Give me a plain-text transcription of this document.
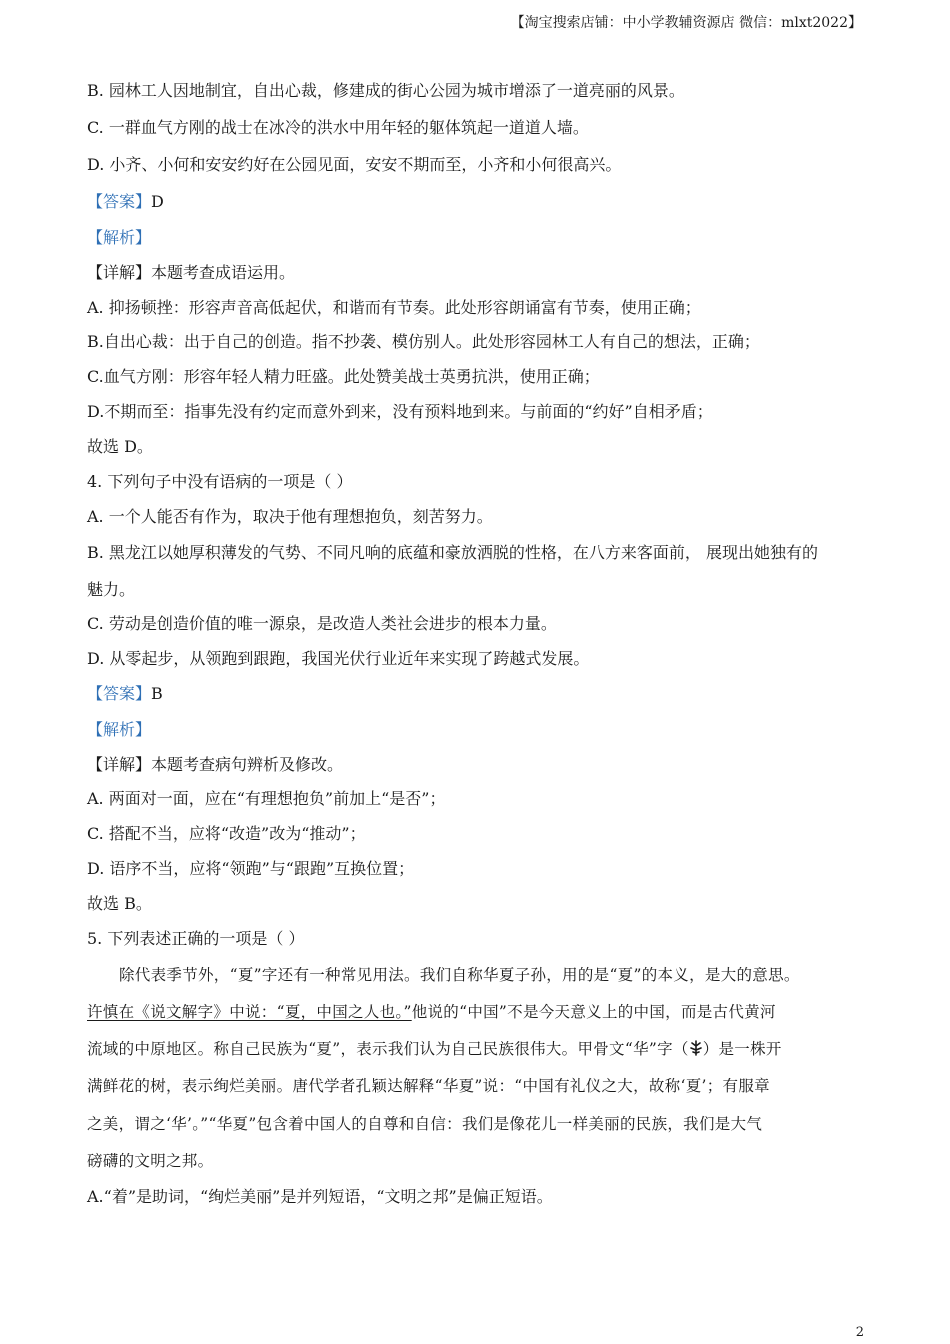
【淘宝搜索店铺：中小学教辅资源店 微信：mlxt2022】
B. 园林工人因地制宜，自出心裁，修建成的街心公园为城市增添了一道亮丽的风景。
C. 一群血气方刚的战士在冰冷的洪水中用年轻的躯体筑起一道道人墙。
D. 小齐、小何和安安约好在公园见面，安安不期而至，小齐和小何很高兴。
【答案】D
【解析】
【详解】本题考查成语运用。
A. 抑扬顿挫：形容声音高低起伏，和谐而有节奏。此处形容朗诵富有节奏，使用正确；
B.自出心裁：出于自己的创造。指不抄袭、模仿别人。此处形容园林工人有自己的想法，正确；
C.血气方刚：形容年轻人精力旺盛。此处赞美战士英勇抗洪，使用正确；
D.不期而至：指事先没有约定而意外到来，没有预料地到来。与前面的“约好”自相矛盾；
故选 D。
4. 下列句子中没有语病的一项是（ ）
A. 一个人能否有作为，取决于他有理想抱负，刻苦努力。
B. 黑龙江以她厚积薄发的气势、不同凡响的底蕴和豪放洒脱的性格，在八方来客面前， 展现出她独有的
魅力。
C. 劳动是创造价值的唯一源泉，是改造人类社会进步的根本力量。
D. 从零起步，从领跑到跟跑，我国光伏行业近年来实现了跨越式发展。
【答案】B
【解析】
【详解】本题考查病句辨析及修改。
A. 两面对一面，应在“有理想抱负”前加上“是否”；
C. 搭配不当，应将“改造”改为“推动”；
D. 语序不当，应将“领跑”与“跟跑”互换位置；
故选 B。
5. 下列表述正确的一项是（ ）
除代表季节外，“夏”字还有一种常见用法。我们自称华夏子孙，用的是“夏”的本义，是大的意思。
许慎在《说文解字》中说：“夏，中国之人也。”他说的“中国”不是今天意义上的中国，而是古代黄河
流域的中原地区。称自己民族为“夏”，表示我们认为自己民族很伟大。甲骨文“华”字（ ）是一株开
满鲜花的树，表示绚烂美丽。唐代学者孔颖达解释“华夏”说：“中国有礼仪之大，故称‘夏’；有服章
之美，谓之‘华’。”“华夏”包含着中国人的自尊和自信：我们是像花儿一样美丽的民族，我们是大气
磅礴的文明之邦。
A.“着”是助词，“绚烂美丽”是并列短语，“文明之邦”是偏正短语。
2
